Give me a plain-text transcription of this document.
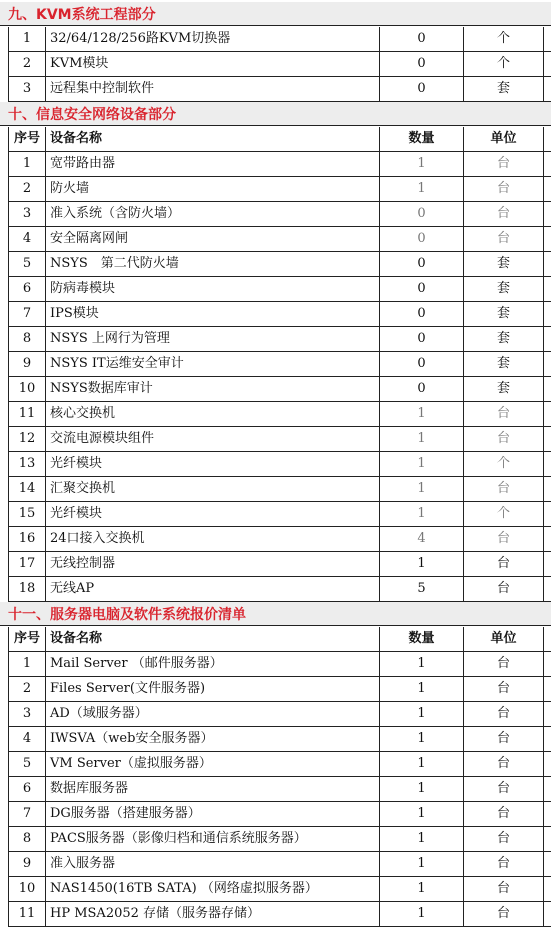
九、KVM系统工程部分
1	32/64/128/256路KVM切换器	0	个
2	KVM模块	0	个
3	远程集中控制软件	0	套
十、信息安全网络设备部分
序号 设备名称	数量	单位
1	宽带路由器	1	台
2	防火墙	1	台
3	准入系统（含防火墙）	0	台
4	安全隔离网闸	0	台
5	NSYS　第二代防火墙	0	套
6	防病毒模块	0	套
7	IPS模块	0	套
8	NSYS 上网行为管理	0	套
9	NSYS IT运维安全审计	0	套
10	NSYS数据库审计	0	套
11	核心交换机	1	台
12	交流电源模块组件	1	台
13	光纤模块	1	个
14	汇聚交换机	1	台
15	光纤模块	1	个
16	24口接入交换机	4	台
17	无线控制器	1	台
18	无线AP	5	台
十一、服务器电脑及软件系统报价清单
序号 设备名称	数量	单位
1	Mail Server （邮件服务器）	1	台
2	Files Server(文件服务器)	1	台
3	AD（域服务器）	1	台
4	IWSVA（web安全服务器）	1	台
5	VM Server（虚拟服务器）	1	台
6	数据库服务器	1	台
7	DG服务器（搭建服务器）	1	台
8	PACS服务器（影像归档和通信系统服务器）	1	台
9	准入服务器	1	台
10	NAS1450(16TB SATA) （网络虚拟服务器）	1	台
11	HP MSA2052 存储（服务器存储）	1	台
